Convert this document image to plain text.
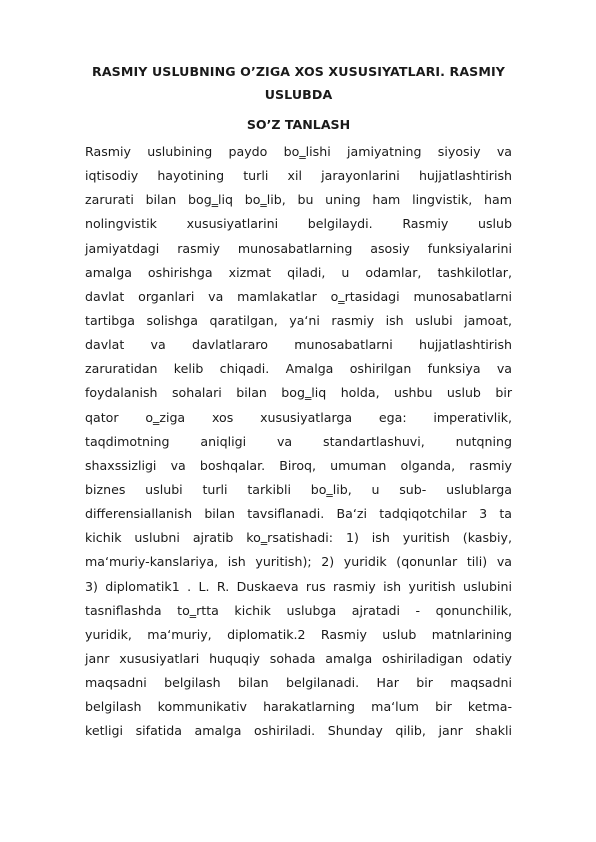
RASMIY USLUBNING O’ZIGA XOS XUSUSIYATLARI. RASMIY
USLUBDA
SO’Z TANLASH
Rasmiy uslubining paydo bo‗lishi jamiyatning siyosiy va
iqtisodiy hayotining turli xil jarayonlarini hujjatlashtirish
zarurati bilan bog‗liq bo‗lib, bu uning ham lingvistik, ham
nolingvistik xususiyatlarini belgilaydi. Rasmiy uslub
jamiyatdagi rasmiy munosabatlarning asosiy funksiyalarini
amalga oshirishga xizmat qiladi, u odamlar, tashkilotlar,
davlat organlari va mamlakatlar o‗rtasidagi munosabatlarni
tartibga solishga qaratilgan, ya‘ni rasmiy ish uslubi jamoat,
davlat va davlatlararo munosabatlarni hujjatlashtirish
zaruratidan kelib chiqadi. Amalga oshirilgan funksiya va
foydalanish sohalari bilan bog‗liq holda, ushbu uslub bir
qator o‗ziga xos xususiyatlarga ega: imperativlik,
taqdimotning aniqligi va standartlashuvi, nutqning
shaxssizligi va boshqalar. Biroq, umuman olganda, rasmiy
biznes uslubi turli tarkibli bo‗lib, u sub- uslublarga
differensiallanish bilan tavsiflanadi. Ba‘zi tadqiqotchilar 3 ta
kichik uslubni ajratib ko‗rsatishadi: 1) ish yuritish (kasbiy,
ma‘muriy-kanslariya, ish yuritish); 2) yuridik (qonunlar tili) va
3) diplomatik1 . L. R. Duskaeva rus rasmiy ish yuritish uslubini
tasniflashda to‗rtta kichik uslubga ajratadi - qonunchilik,
yuridik, ma‘muriy, diplomatik.2 Rasmiy uslub matnlarining
janr xususiyatlari huquqiy sohada amalga oshiriladigan odatiy
maqsadni belgilash bilan belgilanadi. Har bir maqsadni
belgilash kommunikativ harakatlarning ma‘lum bir ketma-
ketligi sifatida amalga oshiriladi. Shunday qilib, janr shakli
